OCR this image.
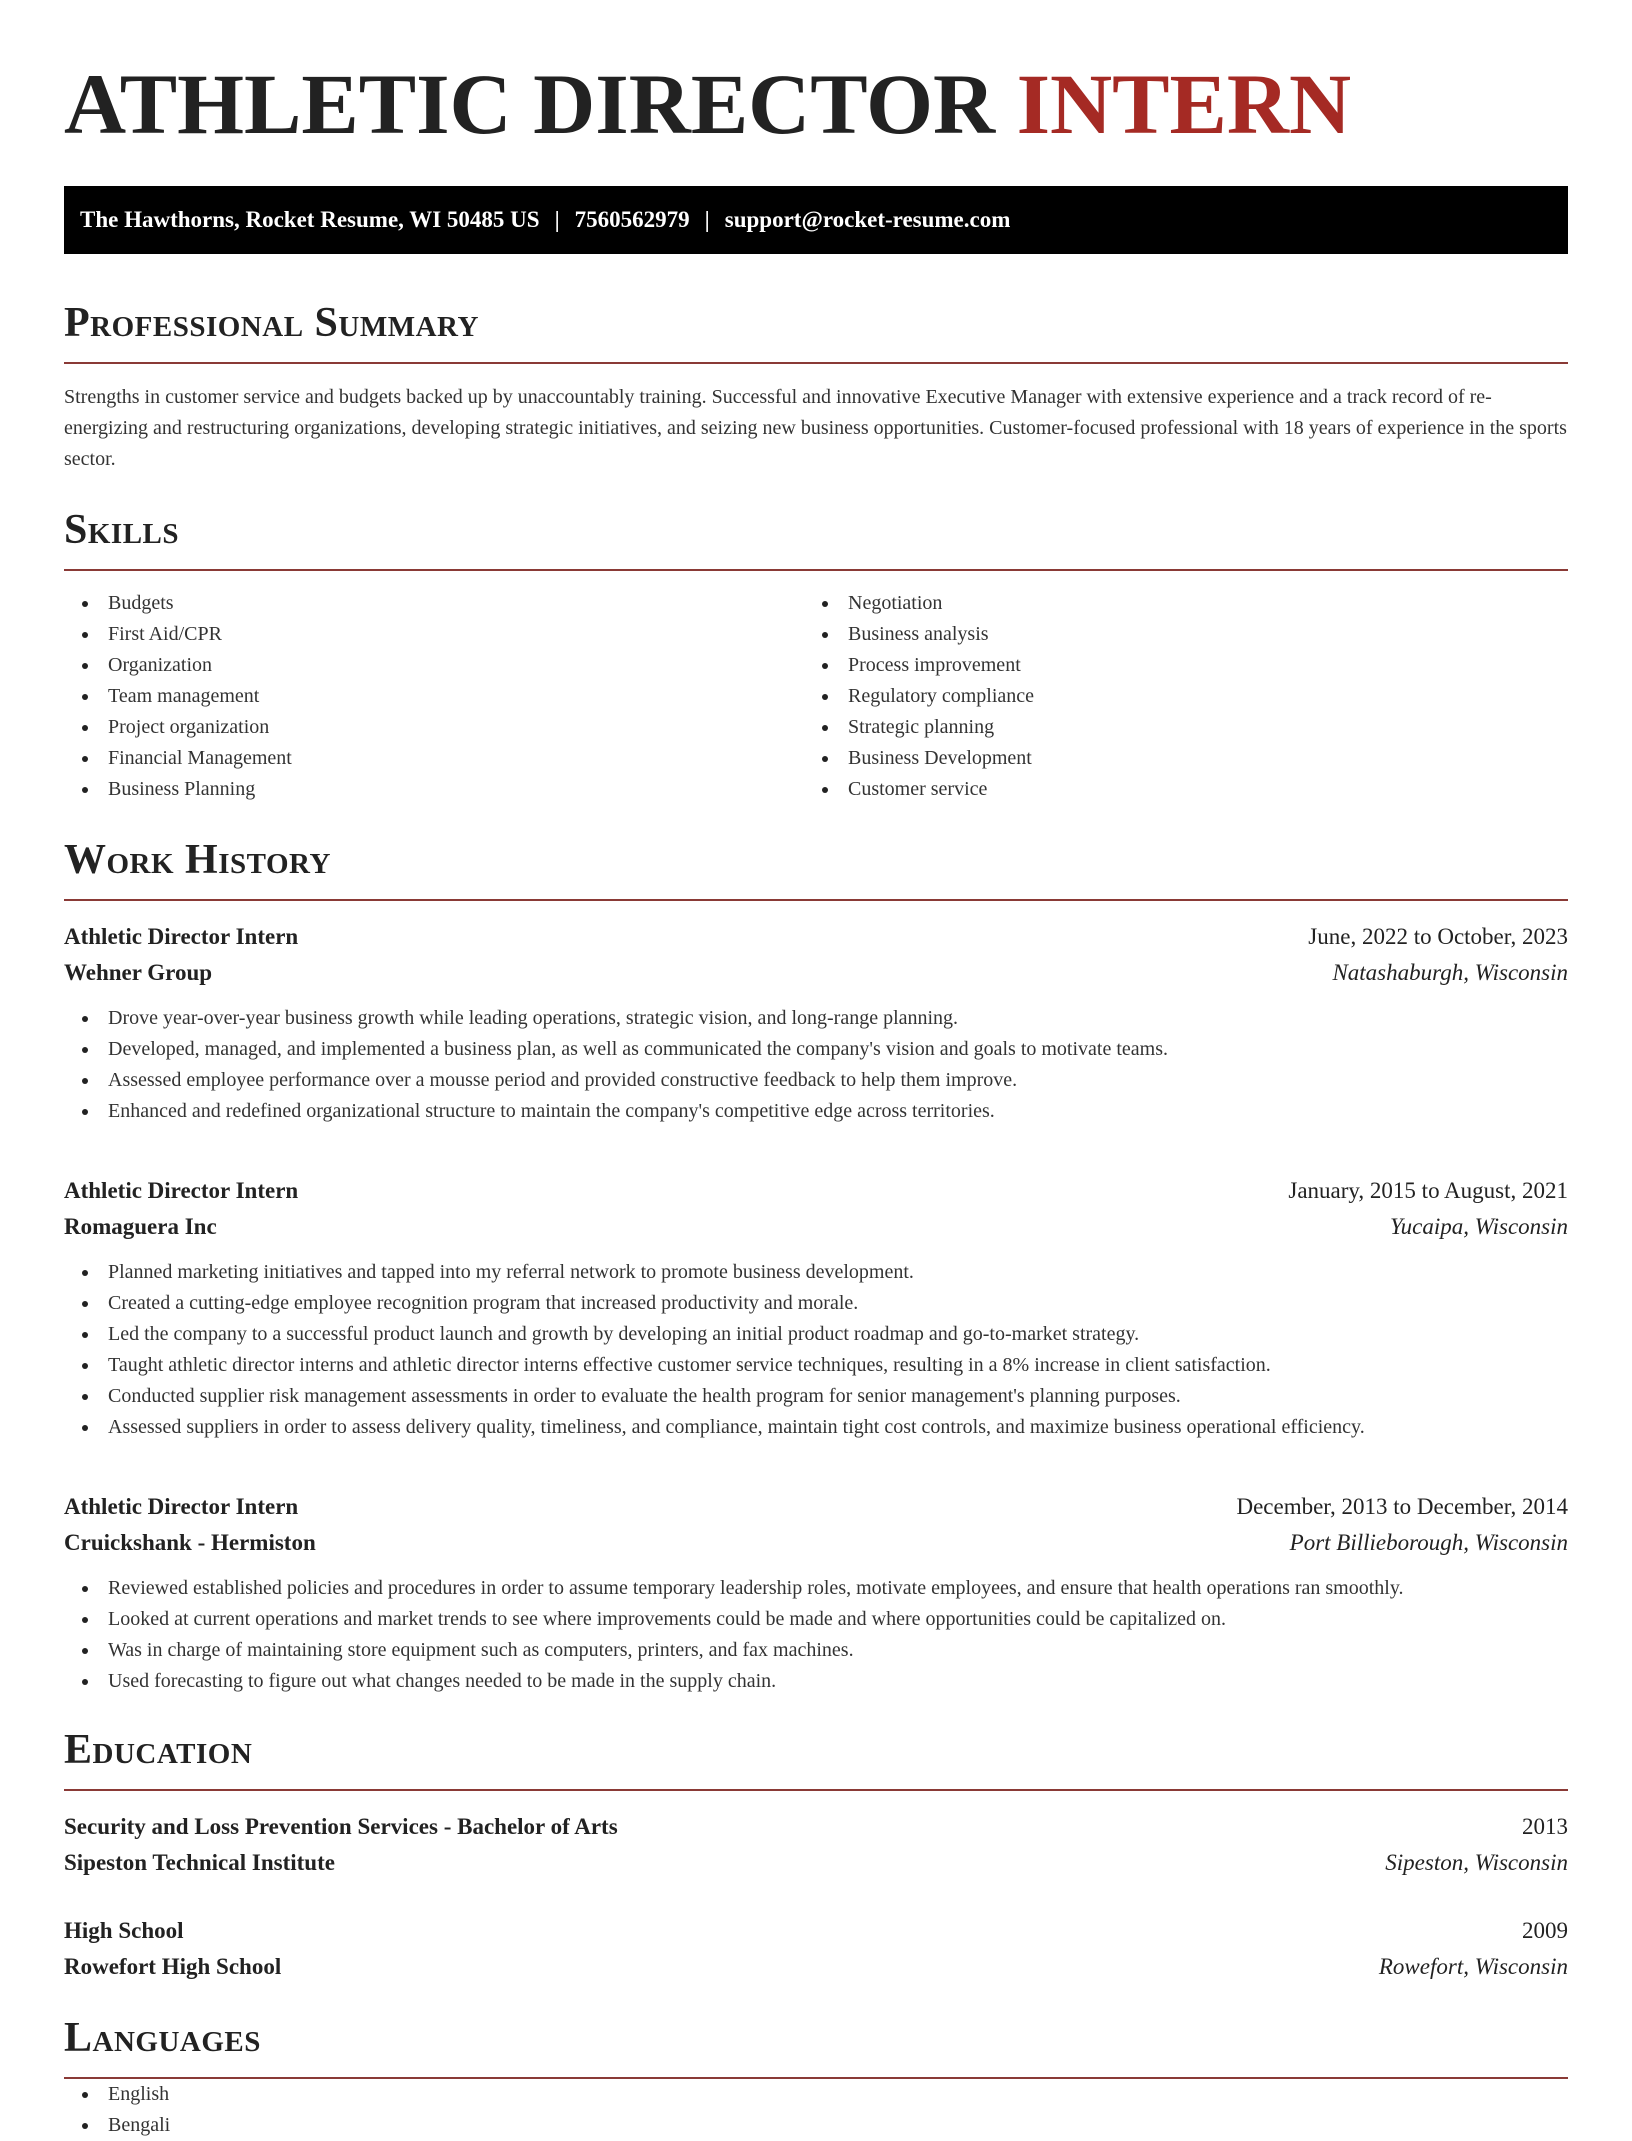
ATHLETIC DIRECTOR INTERN
The Hawthorns, Rocket Resume, WI 50485 US | 7560562979 | support@rocket-resume.com
Professional Summary

Strengths in customer service and budgets backed up by unaccountably training. Successful and innovative Executive Manager with extensive experience and a track record of re-energizing and restructuring organizations, developing strategic initiatives, and seizing new business opportunities. Customer-focused professional with 18 years of experience in the sports sector.

Skills
Budgets
First Aid/CPR
Organization
Team management
Project organization
Financial Management
Business Planning
Negotiation
Business analysis
Process improvement
Regulatory compliance
Strategic planning
Business Development
Customer service
Work History
Athletic Director Intern	June, 2022 to October, 2023
Wehner Group	Natashaburgh, Wisconsin
Drove year-over-year business growth while leading operations, strategic vision, and long-range planning.
Developed, managed, and implemented a business plan, as well as communicated the company's vision and goals to motivate teams.
Assessed employee performance over a mousse period and provided constructive feedback to help them improve.
Enhanced and redefined organizational structure to maintain the company's competitive edge across territories.
Athletic Director Intern	January, 2015 to August, 2021
Romaguera Inc	Yucaipa, Wisconsin
Planned marketing initiatives and tapped into my referral network to promote business development.
Created a cutting-edge employee recognition program that increased productivity and morale.
Led the company to a successful product launch and growth by developing an initial product roadmap and go-to-market strategy.
Taught athletic director interns and athletic director interns effective customer service techniques, resulting in a 8% increase in client satisfaction.
Conducted supplier risk management assessments in order to evaluate the health program for senior management's planning purposes.
Assessed suppliers in order to assess delivery quality, timeliness, and compliance, maintain tight cost controls, and maximize business operational efficiency.
Athletic Director Intern	December, 2013 to December, 2014
Cruickshank - Hermiston	Port Billieborough, Wisconsin
Reviewed established policies and procedures in order to assume temporary leadership roles, motivate employees, and ensure that health operations ran smoothly.
Looked at current operations and market trends to see where improvements could be made and where opportunities could be capitalized on.
Was in charge of maintaining store equipment such as computers, printers, and fax machines.
Used forecasting to figure out what changes needed to be made in the supply chain.
Education
Security and Loss Prevention Services - Bachelor of Arts	2013
Sipeston Technical Institute	Sipeston, Wisconsin
High School	2009
Rowefort High School	Rowefort, Wisconsin
Languages
English
Bengali
